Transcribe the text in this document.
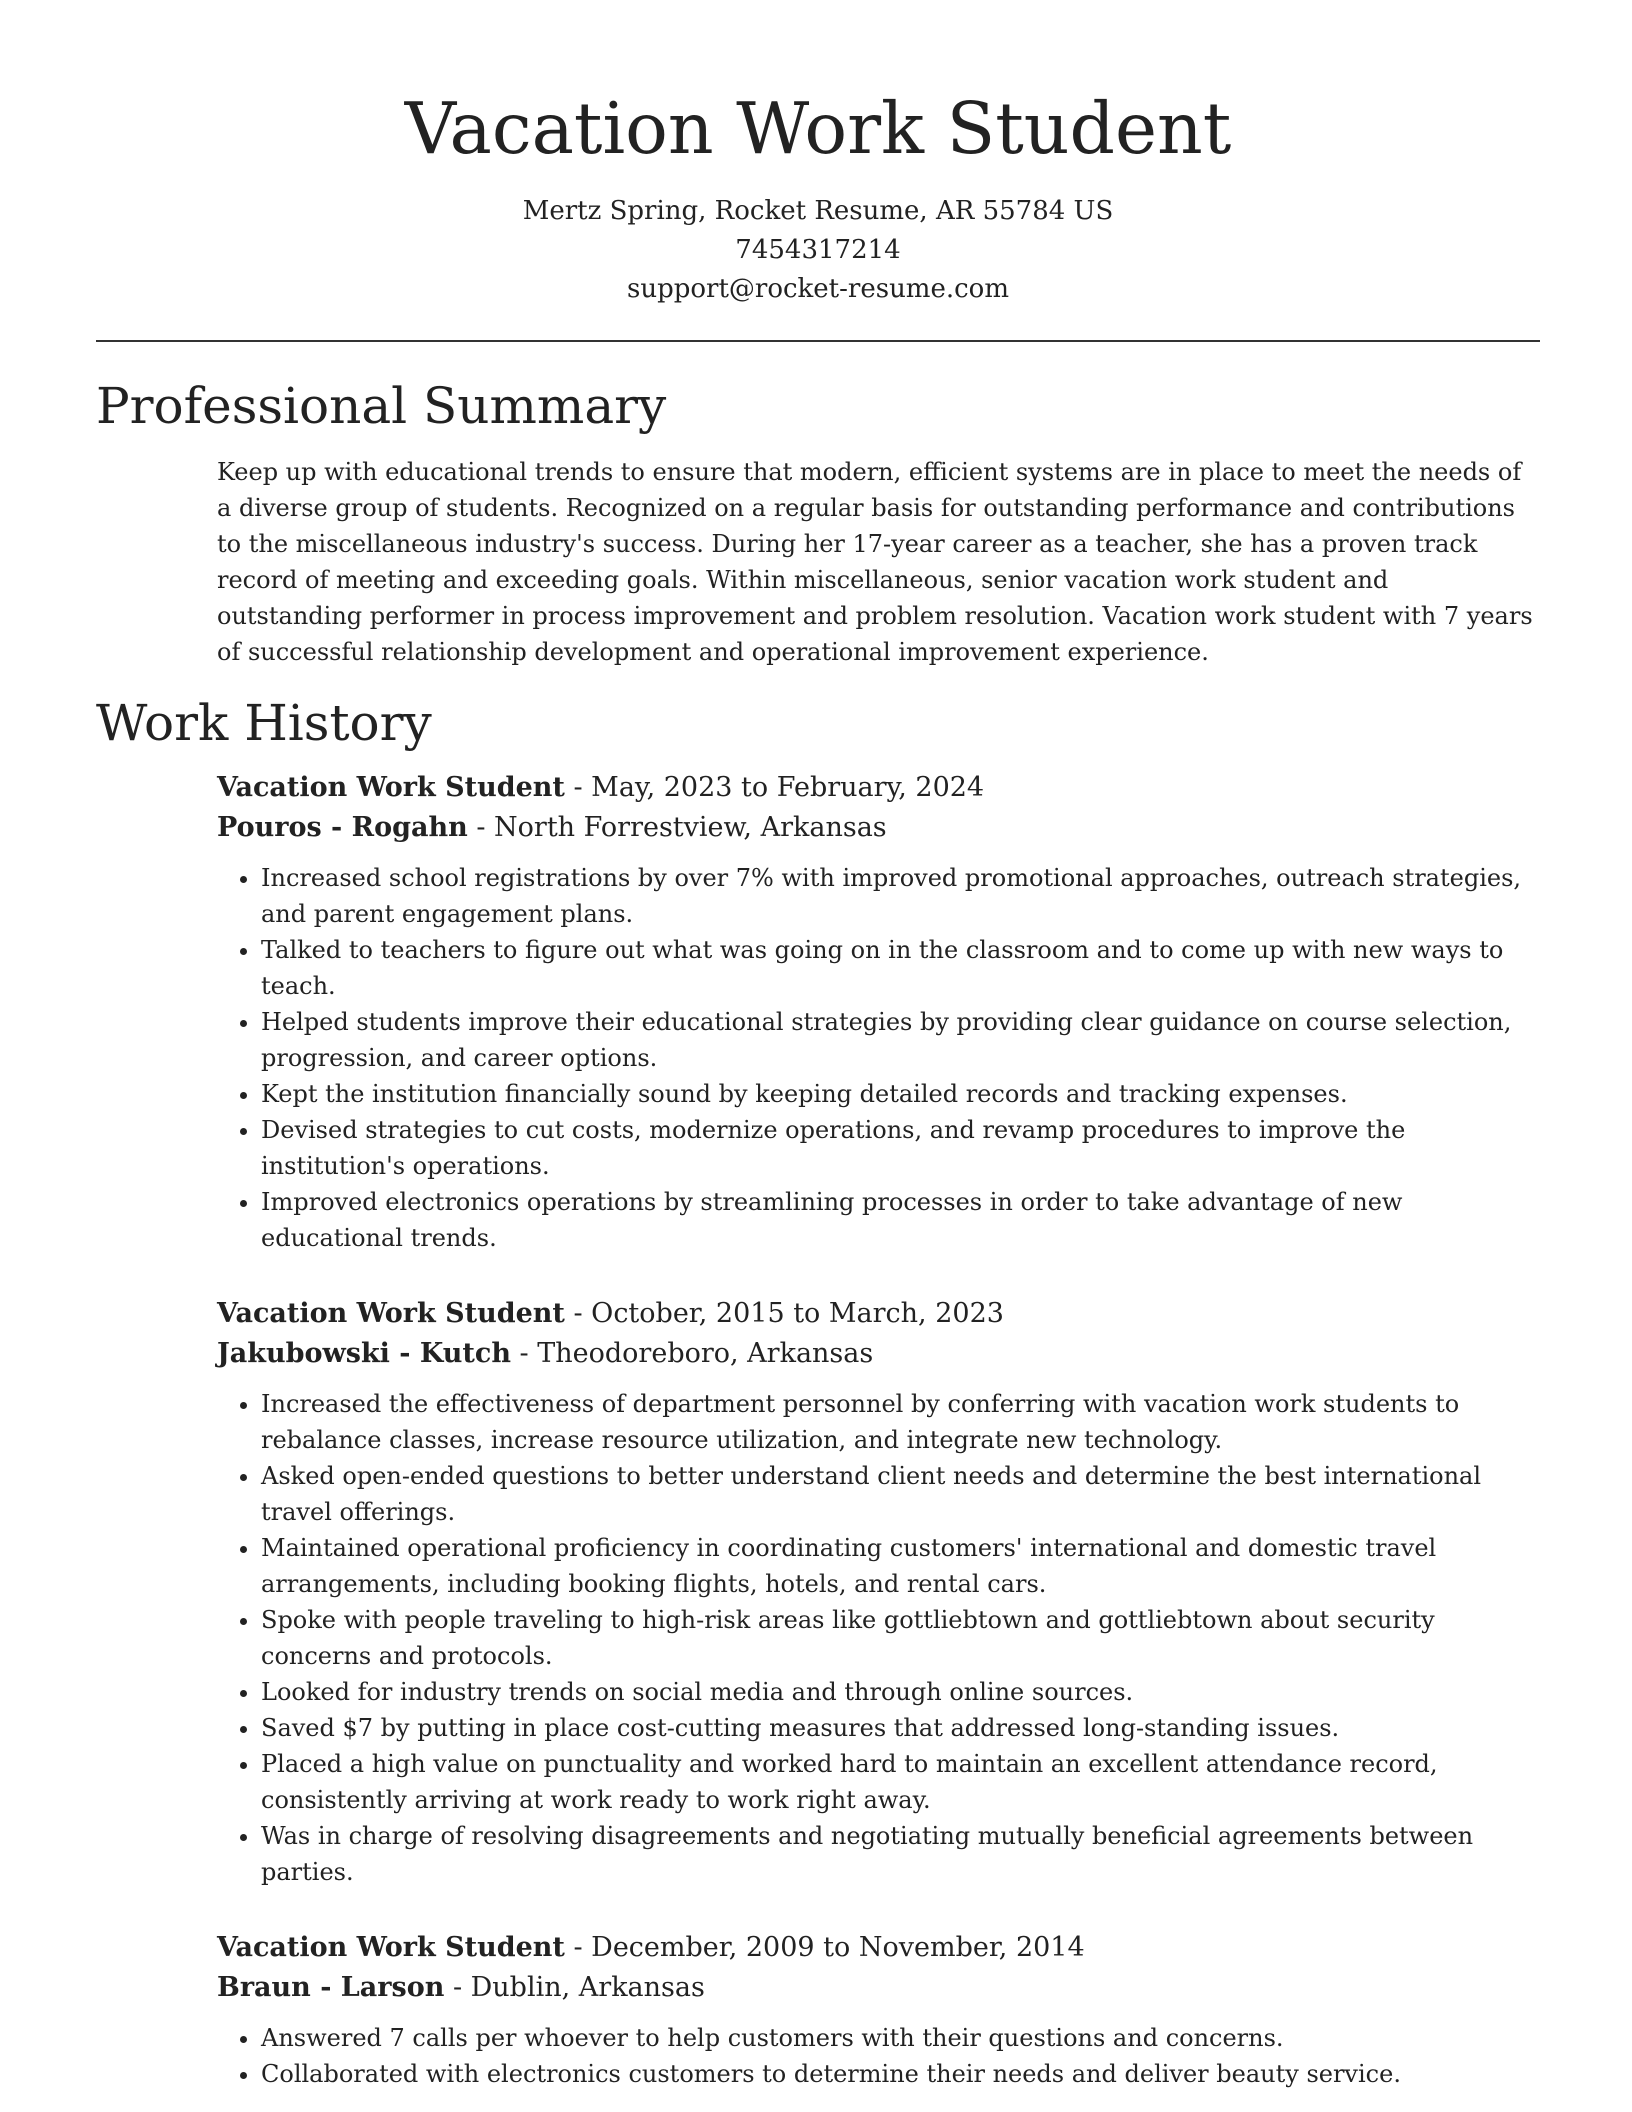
Vacation Work Student
Mertz Spring, Rocket Resume, AR 55784 US
7454317214
support@rocket-resume.com
Professional Summary
Keep up with educational trends to ensure that modern, efficient systems are in place to meet the needs of a diverse group of students. Recognized on a regular basis for outstanding performance and contributions to the miscellaneous industry's success. During her 17-year career as a teacher, she has a proven track record of meeting and exceeding goals. Within miscellaneous, senior vacation work student and outstanding performer in process improvement and problem resolution. Vacation work student with 7 years of successful relationship development and operational improvement experience.
Work History
Vacation Work Student - May, 2023 to February, 2024
Pouros - Rogahn - North Forrestview, Arkansas
• Increased school registrations by over 7% with improved promotional approaches, outreach strategies, and parent engagement plans.
• Talked to teachers to figure out what was going on in the classroom and to come up with new ways to teach.
• Helped students improve their educational strategies by providing clear guidance on course selection, progression, and career options.
• Kept the institution financially sound by keeping detailed records and tracking expenses.
• Devised strategies to cut costs, modernize operations, and revamp procedures to improve the institution's operations.
• Improved electronics operations by streamlining processes in order to take advantage of new educational trends.
Vacation Work Student - October, 2015 to March, 2023
Jakubowski - Kutch - Theodoreboro, Arkansas
• Increased the effectiveness of department personnel by conferring with vacation work students to rebalance classes, increase resource utilization, and integrate new technology.
• Asked open-ended questions to better understand client needs and determine the best international travel offerings.
• Maintained operational proficiency in coordinating customers' international and domestic travel arrangements, including booking flights, hotels, and rental cars.
• Spoke with people traveling to high-risk areas like gottliebtown and gottliebtown about security concerns and protocols.
• Looked for industry trends on social media and through online sources.
• Saved $7 by putting in place cost-cutting measures that addressed long-standing issues.
• Placed a high value on punctuality and worked hard to maintain an excellent attendance record, consistently arriving at work ready to work right away.
• Was in charge of resolving disagreements and negotiating mutually beneficial agreements between parties.
Vacation Work Student - December, 2009 to November, 2014
Braun - Larson - Dublin, Arkansas
• Answered 7 calls per whoever to help customers with their questions and concerns.
• Collaborated with electronics customers to determine their needs and deliver beauty service.
